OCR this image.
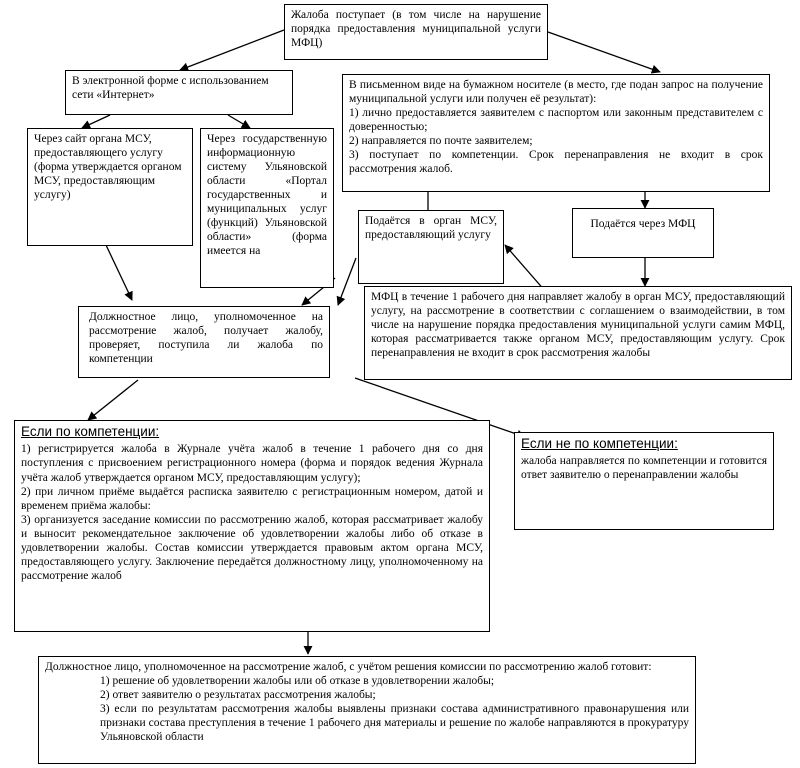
Жалоба поступает (в том числе на нарушение порядка предоставления муниципальной услуги МФЦ)
В электронной форме с использованием сети «Интернет»
В письменном виде на бумажном носителе (в место, где подан запрос на получение муниципальной услуги или получен её результат):
1) лично предоставляется заявителем с паспортом или законным представителем с доверенностью;
2) направляется по почте заявителем;
3) поступает по компетенции. Срок перенаправления не входит в срок рассмотрения жалоб.
Через сайт органа МСУ, предоставляющего услугу (форма утверждается органом МСУ, предоставляющим услугу)
Через государственную информационную систему Ульяновской области «Портал государственных и муниципальных услуг (функций) Ульяновской области» (форма имеется на
Подаётся в орган МСУ, предоставляющий услугу
Подаётся через МФЦ
МФЦ в течение 1 рабочего дня направляет жалобу в орган МСУ, предоставляющий услугу, на рассмотрение в соответствии с соглашением о взаимодействии, в том числе на нарушение порядка предоставления муниципальной услуги самим МФЦ, которая рассматривается также органом МСУ, предоставляющим услугу. Срок перенаправления не входит в срок рассмотрения жалобы
Должностное лицо, уполномоченное на рассмотрение жалоб, получает жалобу, проверяет, поступила ли жалоба по компетенции
Если по компетенции:
1) регистрируется жалоба в Журнале учёта жалоб в течение 1 рабочего дня со дня поступления с присвоением регистрационного номера (форма и порядок ведения Журнала учёта жалоб утверждается органом МСУ, предоставляющим услугу);
2) при личном приёме выдаётся расписка заявителю с регистрационным номером, датой и временем приёма жалобы:
3) организуется заседание комиссии по рассмотрению жалоб, которая рассматривает жалобу и выносит рекомендательное заключение об удовлетворении жалобы либо об отказе в удовлетворении жалобы. Состав комиссии утверждается правовым актом органа МСУ, предоставляющего услугу. Заключение передаётся должностному лицу, уполномоченному на рассмотрение жалоб
Если не по компетенции:
жалоба направляется по компетенции и готовится ответ заявителю о перенаправлении жалобы
Должностное лицо, уполномоченное на рассмотрение жалоб, с учётом решения комиссии по рассмотрению жалоб готовит:
1) решение об удовлетворении жалобы или об отказе в удовлетворении жалобы;
2) ответ заявителю о результатах рассмотрения жалобы;
3) если по результатам рассмотрения жалобы выявлены признаки состава административного правонарушения или признаки состава преступления в течение 1 рабочего дня материалы и решение по жалобе направляются в прокуратуру Ульяновской области
